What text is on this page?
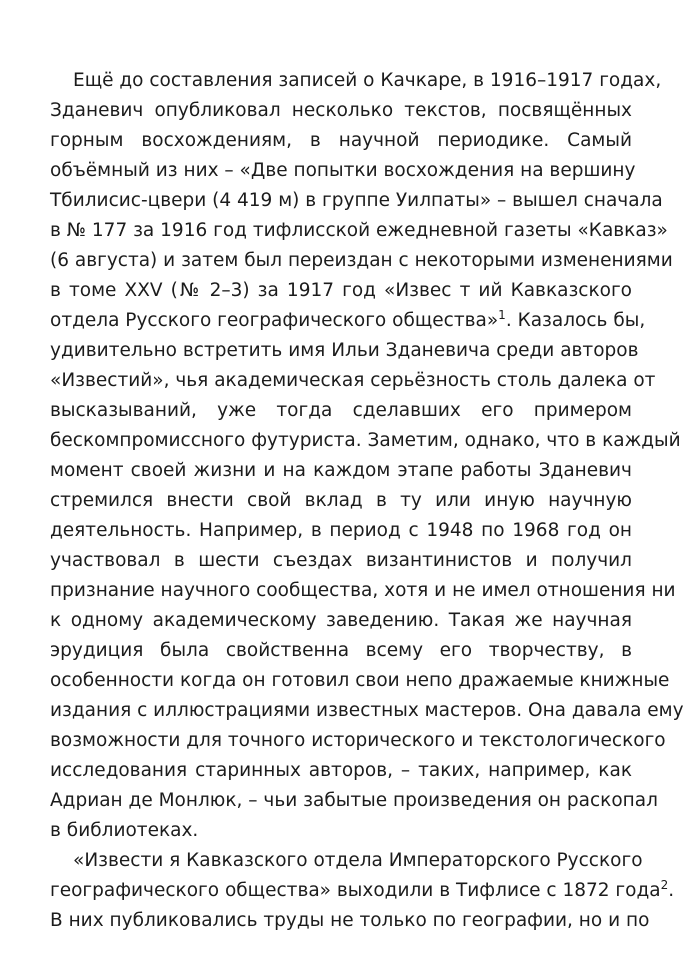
Ещё до составления записей о Качкаре, в 1916–1917 годах,
Зданевич опубликовал несколько текстов, посвящённых
горным восхождениям, в научной периодике. Самый
объёмный из них – «Две попытки восхождения на вершину
Тбилисис-цвери (4 419 м) в группе Уилпаты» – вышел сначала
в № 177 за 1916 год тифлисской ежедневной газеты «Кавказ»
(6 августа) и затем был переиздан с некоторыми изменениями
в томе XXV (№ 2–3) за 1917 год «Извес т ий Кавказского
отдела Русского географического общества»$^1$. Казалось бы,
удивительно встретить имя Ильи Зданевича среди авторов
«Известий», чья академическая серьёзность столь далека от
высказываний, уже тогда сделавших его примером
бескомпромиссного футуриста. Заметим, однако, что в каждый
момент своей жизни и на каждом этапе работы Зданевич
стремился внести свой вклад в ту или иную научную
деятельность. Например, в период с 1948 по 1968 год он
участвовал в шести съездах византинистов и получил
признание научного сообщества, хотя и не имел отношения ни
к одному академическому заведению. Такая же научная
эрудиция была свойственна всему его творчеству, в
особенности когда он готовил свои непо дражаемые книжные
издания с иллюстрациями известных мастеров. Она давала ему
возможности для точного исторического и текстологического
исследования старинных авторов, – таких, например, как
Адриан де Монлюк, – чьи забытые произведения он раскопал
в библиотеках.
«Извести я Кавказского отдела Императорского Русского
географического общества» выходили в Тифлисе с 1872 года$^2$.
В них публиковались труды не только по географии, но и по
